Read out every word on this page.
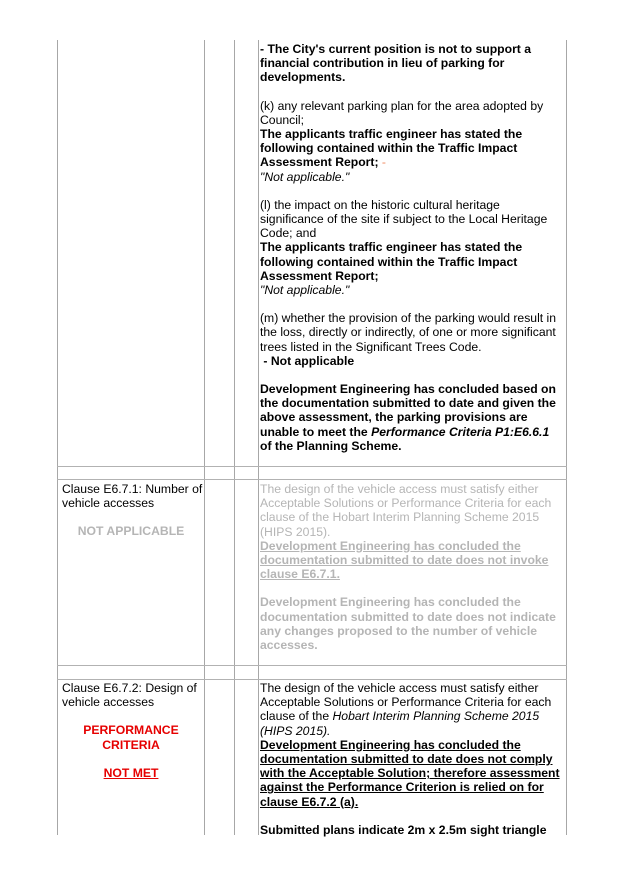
- The City's current position is not to support a financial contribution in lieu of parking for developments.

(k) any relevant parking plan for the area adopted by Council;

The applicants traffic engineer has stated the following contained within the Traffic Impact Assessment Report; -

"Not applicable."

(l) the impact on the historic cultural heritage significance of the site if subject to the Local Heritage Code; and

The applicants traffic engineer has stated the following contained within the Traffic Impact Assessment Report;

"Not applicable."

(m) whether the provision of the parking would result in the loss, directly or indirectly, of one or more significant trees listed in the Significant Trees Code.

- Not applicable

Development Engineering has concluded based on the documentation submitted to date and given the above assessment, the parking provisions are unable to meet the Performance Criteria P1:E6.6.1 of the Planning Scheme.

Clause E6.7.1: Number of vehicle accesses

NOT APPLICABLE

The design of the vehicle access must satisfy either Acceptable Solutions or Performance Criteria for each clause of the Hobart Interim Planning Scheme 2015 (HIPS 2015).

Development Engineering has concluded the documentation submitted to date does not invoke clause E6.7.1.

Development Engineering has concluded the documentation submitted to date does not indicate any changes proposed to the number of vehicle accesses.

Clause E6.7.2: Design of vehicle accesses

PERFORMANCE

CRITERIA

NOT MET

The design of the vehicle access must satisfy either Acceptable Solutions or Performance Criteria for each clause of the Hobart Interim Planning Scheme 2015 (HIPS 2015).

Development Engineering has concluded the documentation submitted to date does not comply with the Acceptable Solution; therefore assessment against the Performance Criterion is relied on for clause E6.7.2 (a).

Submitted plans indicate 2m x 2.5m sight triangle
